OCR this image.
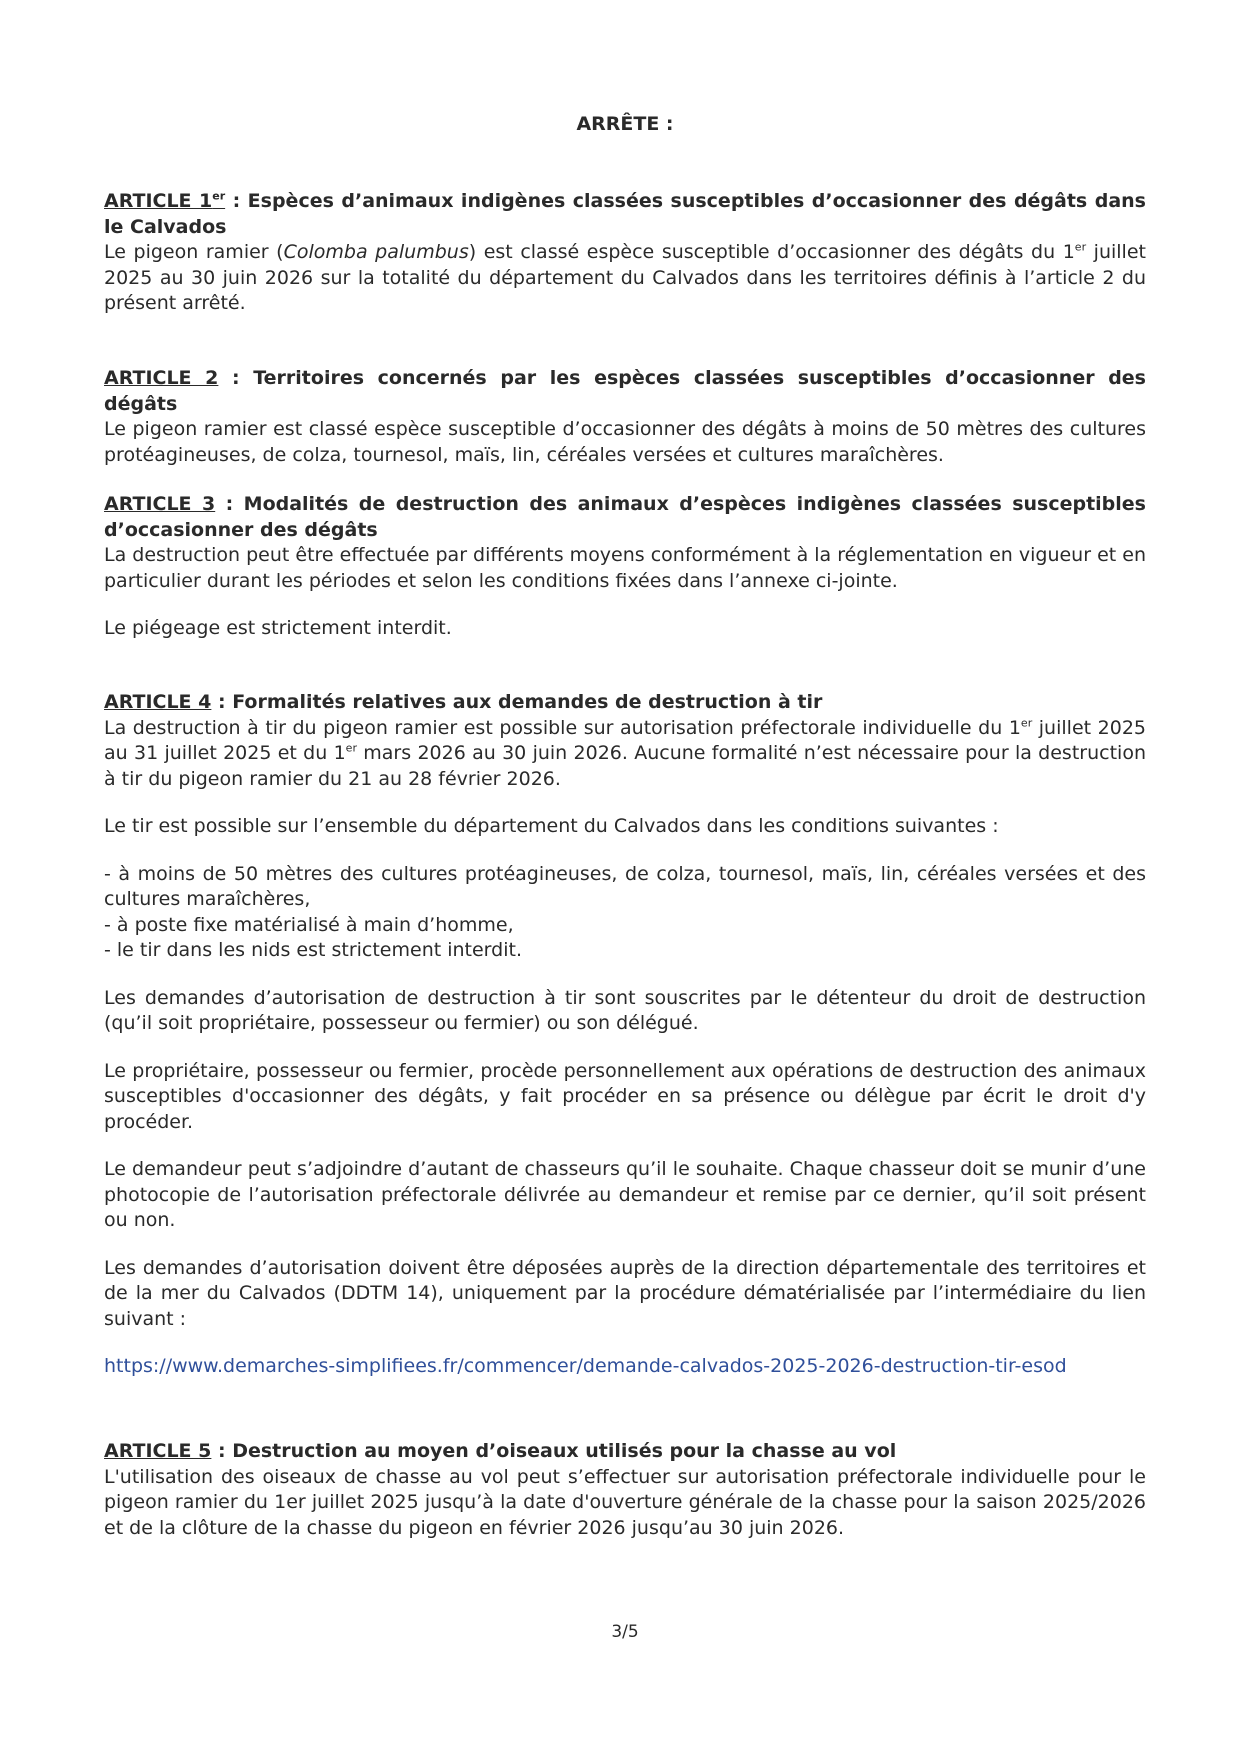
ARRÊTE :
ARTICLE 1er : Espèces d’animaux indigènes classées susceptibles d’occasionner des dégâts dans le Calvados

Le pigeon ramier (Colomba palumbus) est classé espèce susceptible d’occasionner des dégâts du 1er juillet 2025 au 30 juin 2026 sur la totalité du département du Calvados dans les territoires définis à l’article 2 du présent arrêté.

ARTICLE 2 : Territoires concernés par les espèces classées susceptibles d’occasionner des dégâts

Le pigeon ramier est classé espèce susceptible d’occasionner des dégâts à moins de 50 mètres des cultures protéagineuses, de colza, tournesol, maïs, lin, céréales versées et cultures maraîchères.

ARTICLE 3 : Modalités de destruction des animaux d’espèces indigènes classées susceptibles d’occasionner des dégâts

La destruction peut être effectuée par différents moyens conformément à la réglementation en vigueur et en particulier durant les périodes et selon les conditions fixées dans l’annexe ci-jointe.

Le piégeage est strictement interdit.

ARTICLE 4 : Formalités relatives aux demandes de destruction à tir

La destruction à tir du pigeon ramier est possible sur autorisation préfectorale individuelle du 1er juillet 2025 au 31 juillet 2025 et du 1er mars 2026 au 30 juin 2026. Aucune formalité n’est nécessaire pour la destruction à tir du pigeon ramier du 21 au 28 février 2026.

Le tir est possible sur l’ensemble du département du Calvados dans les conditions suivantes :

- à moins de 50 mètres des cultures protéagineuses, de colza, tournesol, maïs, lin, céréales versées et des cultures maraîchères,

- à poste fixe matérialisé à main d’homme,

- le tir dans les nids est strictement interdit.

Les demandes d’autorisation de destruction à tir sont souscrites par le détenteur du droit de destruction (qu’il soit propriétaire, possesseur ou fermier) ou son délégué.

Le propriétaire, possesseur ou fermier, procède personnellement aux opérations de destruction des animaux susceptibles d'occasionner des dégâts, y fait procéder en sa présence ou délègue par écrit le droit d'y procéder.

Le demandeur peut s’adjoindre d’autant de chasseurs qu’il le souhaite. Chaque chasseur doit se munir d’une photocopie de l’autorisation préfectorale délivrée au demandeur et remise par ce dernier, qu’il soit présent ou non.

Les demandes d’autorisation doivent être déposées auprès de la direction départementale des territoires et de la mer du Calvados (DDTM 14), uniquement par la procédure dématérialisée par l’intermédiaire du lien suivant :

https://www.demarches-simplifiees.fr/commencer/demande-calvados-2025-2026-destruction-tir-esod

ARTICLE 5 : Destruction au moyen d’oiseaux utilisés pour la chasse au vol

L'utilisation des oiseaux de chasse au vol peut s’effectuer sur autorisation préfectorale individuelle pour le pigeon ramier du 1er juillet 2025 jusqu’à la date d'ouverture générale de la chasse pour la saison 2025/2026 et de la clôture de la chasse du pigeon en février 2026 jusqu’au 30 juin 2026.

3/5
